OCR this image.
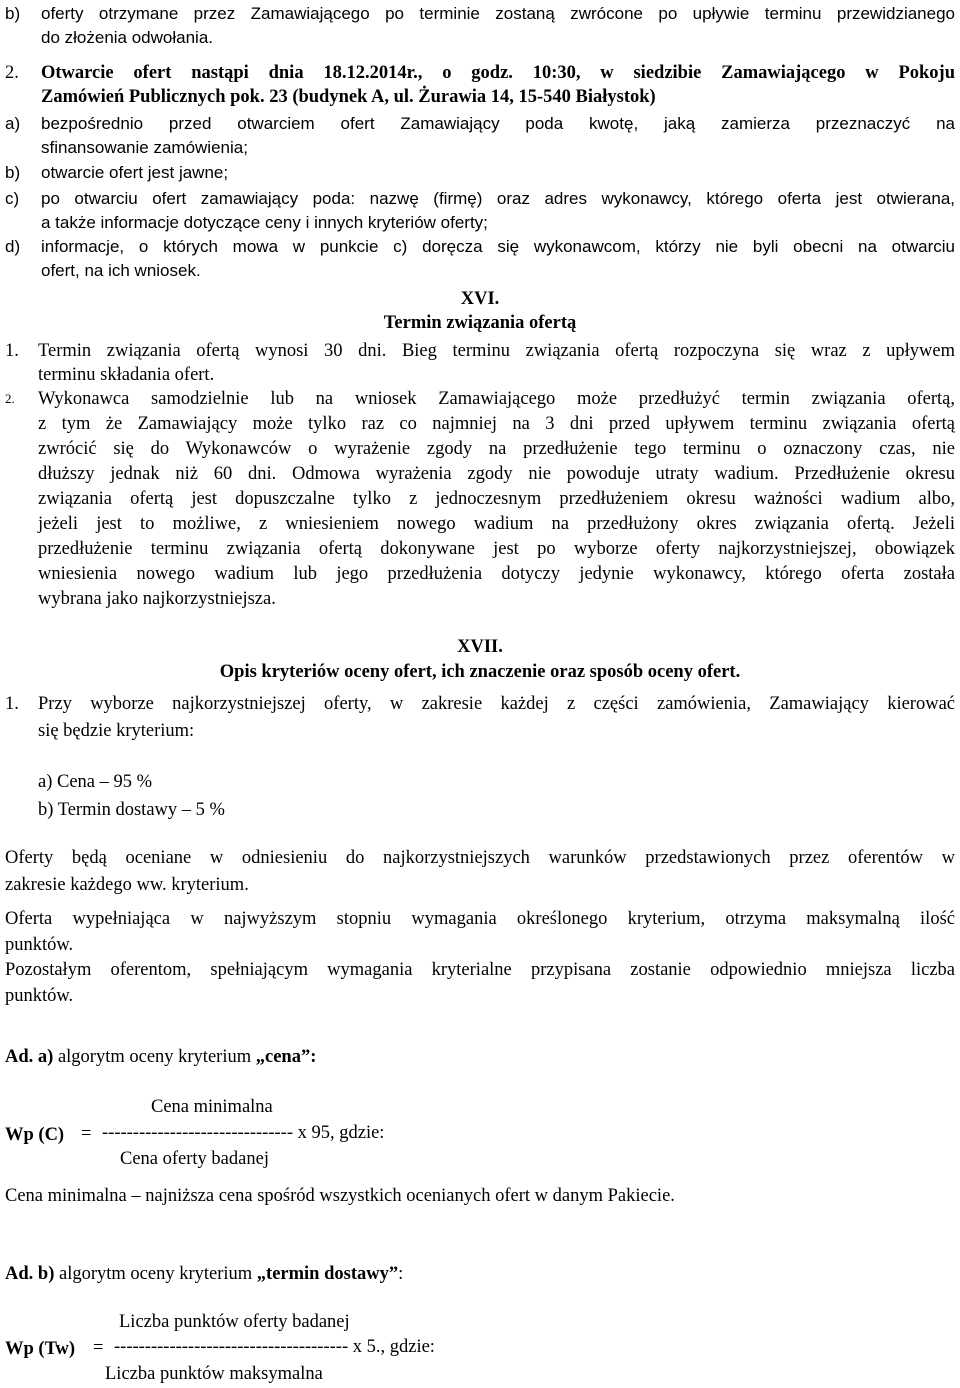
b) oferty otrzymane przez Zamawiającego po terminie zostaną zwrócone po upływie terminu przewidzianego
do złożenia odwołania.
2. Otwarcie ofert nastąpi dnia 18.12.2014r., o godz. 10:30, w siedzibie Zamawiającego w Pokoju
Zamówień Publicznych pok. 23 (budynek A, ul. Żurawia 14, 15-540 Białystok)
a) bezpośrednio przed otwarciem ofert Zamawiający poda kwotę, jaką zamierza przeznaczyć na
sfinansowanie zamówienia;
b) otwarcie ofert jest jawne;
c) po otwarciu ofert zamawiający poda: nazwę (firmę) oraz adres wykonawcy, którego oferta jest otwierana,
a także informacje dotyczące ceny i innych kryteriów oferty;
d) informacje, o których mowa w punkcie c) doręcza się wykonawcom, którzy nie byli obecni na otwarciu
ofert, na ich wniosek.
XVI.
Termin związania ofertą
1. Termin związania ofertą wynosi 30 dni. Bieg terminu związania ofertą rozpoczyna się wraz z upływem
terminu składania ofert.
2. Wykonawca samodzielnie lub na wniosek Zamawiającego może przedłużyć termin związania ofertą,
z tym że Zamawiający może tylko raz co najmniej na 3 dni przed upływem terminu związania ofertą
zwrócić się do Wykonawców o wyrażenie zgody na przedłużenie tego terminu o oznaczony czas, nie
dłuższy jednak niż 60 dni. Odmowa wyrażenia zgody nie powoduje utraty wadium. Przedłużenie okresu
związania ofertą jest dopuszczalne tylko z jednoczesnym przedłużeniem okresu ważności wadium albo,
jeżeli jest to możliwe, z wniesieniem nowego wadium na przedłużony okres związania ofertą. Jeżeli
przedłużenie terminu związania ofertą dokonywane jest po wyborze oferty najkorzystniejszej, obowiązek
wniesienia nowego wadium lub jego przedłużenia dotyczy jedynie wykonawcy, którego oferta została
wybrana jako najkorzystniejsza.
XVII.
Opis kryteriów oceny ofert, ich znaczenie oraz sposób oceny ofert.
1. Przy wyborze najkorzystniejszej oferty, w zakresie każdej z części zamówienia, Zamawiający kierować
się będzie kryterium:
a) Cena – 95 %
b) Termin dostawy – 5 %
Oferty będą oceniane w odniesieniu do najkorzystniejszych warunków przedstawionych przez oferentów w
zakresie każdego ww. kryterium.
Oferta wypełniająca w najwyższym stopniu wymagania określonego kryterium, otrzyma maksymalną ilość
punktów.
Pozostałym oferentom, spełniającym wymagania kryterialne przypisana zostanie odpowiednio mniejsza liczba
punktów.
Ad. a) algorytm oceny kryterium „cena”:
Cena minimalna
Wp (C) = ------------------------------- x 95, gdzie:
Cena oferty badanej
Cena minimalna – najniższa cena spośród wszystkich ocenianych ofert w danym Pakiecie.
Ad. b) algorytm oceny kryterium „termin dostawy”:
Liczba punktów oferty badanej
Wp (Tw) = -------------------------------------- x 5., gdzie:
Liczba punktów maksymalna
